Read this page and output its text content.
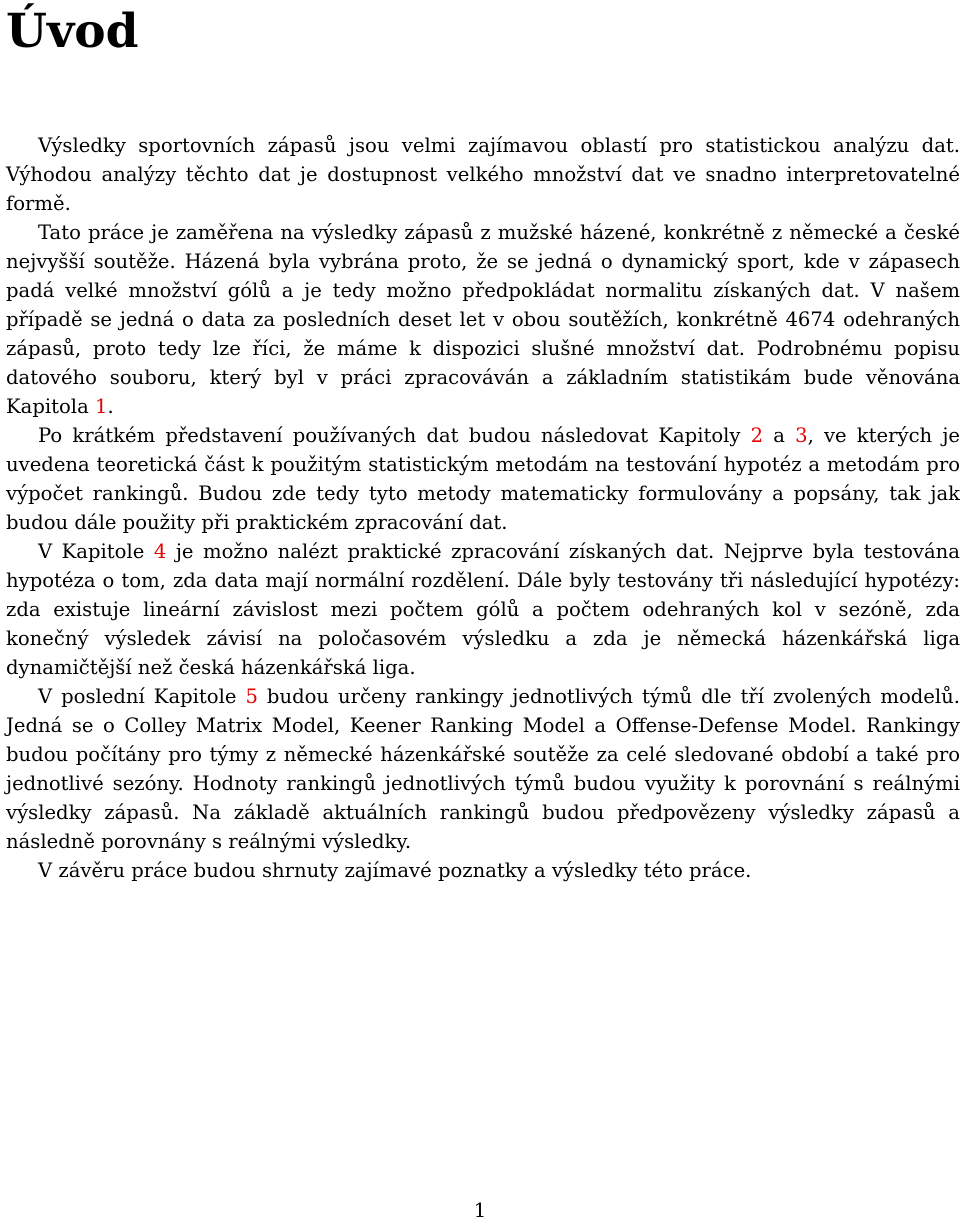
Úvod

Výsledky sportovních zápasů jsou velmi zajímavou oblastí pro statistickou analýzu dat. Výhodou analýzy těchto dat je dostupnost velkého množství dat ve snadno interpretovatelné formě.

Tato práce je zaměřena na výsledky zápasů z mužské házené, konkrétně z německé a české nejvyšší soutěže. Házená byla vybrána proto, že se jedná o dynamický sport, kde v zápasech padá velké množství gólů a je tedy možno předpokládat normalitu získaných dat. V našem případě se jedná o data za posledních deset let v obou soutěžích, konkrétně 4674 odehraných zápasů, proto tedy lze říci, že máme k dispozici slušné množství dat. Podrobnému popisu datového souboru, který byl v práci zpracováván a základním statistikám bude věnována Kapitola 1.

Po krátkém představení používaných dat budou následovat Kapitoly 2 a 3, ve kterých je uvedena teoretická část k použitým statistickým metodám na testování hypotéz a metodám pro výpočet rankingů. Budou zde tedy tyto metody matematicky formulovány a popsány, tak jak budou dále použity při praktickém zpracování dat.

V Kapitole 4 je možno nalézt praktické zpracování získaných dat. Nejprve byla testována hypotéza o tom, zda data mají normální rozdělení. Dále byly testovány tři následující hypotézy: zda existuje lineární závislost mezi počtem gólů a počtem odehraných kol v sezóně, zda konečný výsledek závisí na poločasovém výsledku a zda je německá házenkářská liga dynamičtější než česká házenkářská liga.

V poslední Kapitole 5 budou určeny rankingy jednotlivých týmů dle tří zvolených modelů. Jedná se o Colley Matrix Model, Keener Ranking Model a Offense-Defense Model. Rankingy budou počítány pro týmy z německé házenkářské soutěže za celé sledované období a také pro jednotlivé sezóny. Hodnoty rankingů jednotlivých týmů budou využity k porovnání s reálnými výsledky zápasů. Na základě aktuálních rankingů budou předpovězeny výsledky zápasů a následně porovnány s reálnými výsledky.

V závěru práce budou shrnuty zajímavé poznatky a výsledky této práce.

1
